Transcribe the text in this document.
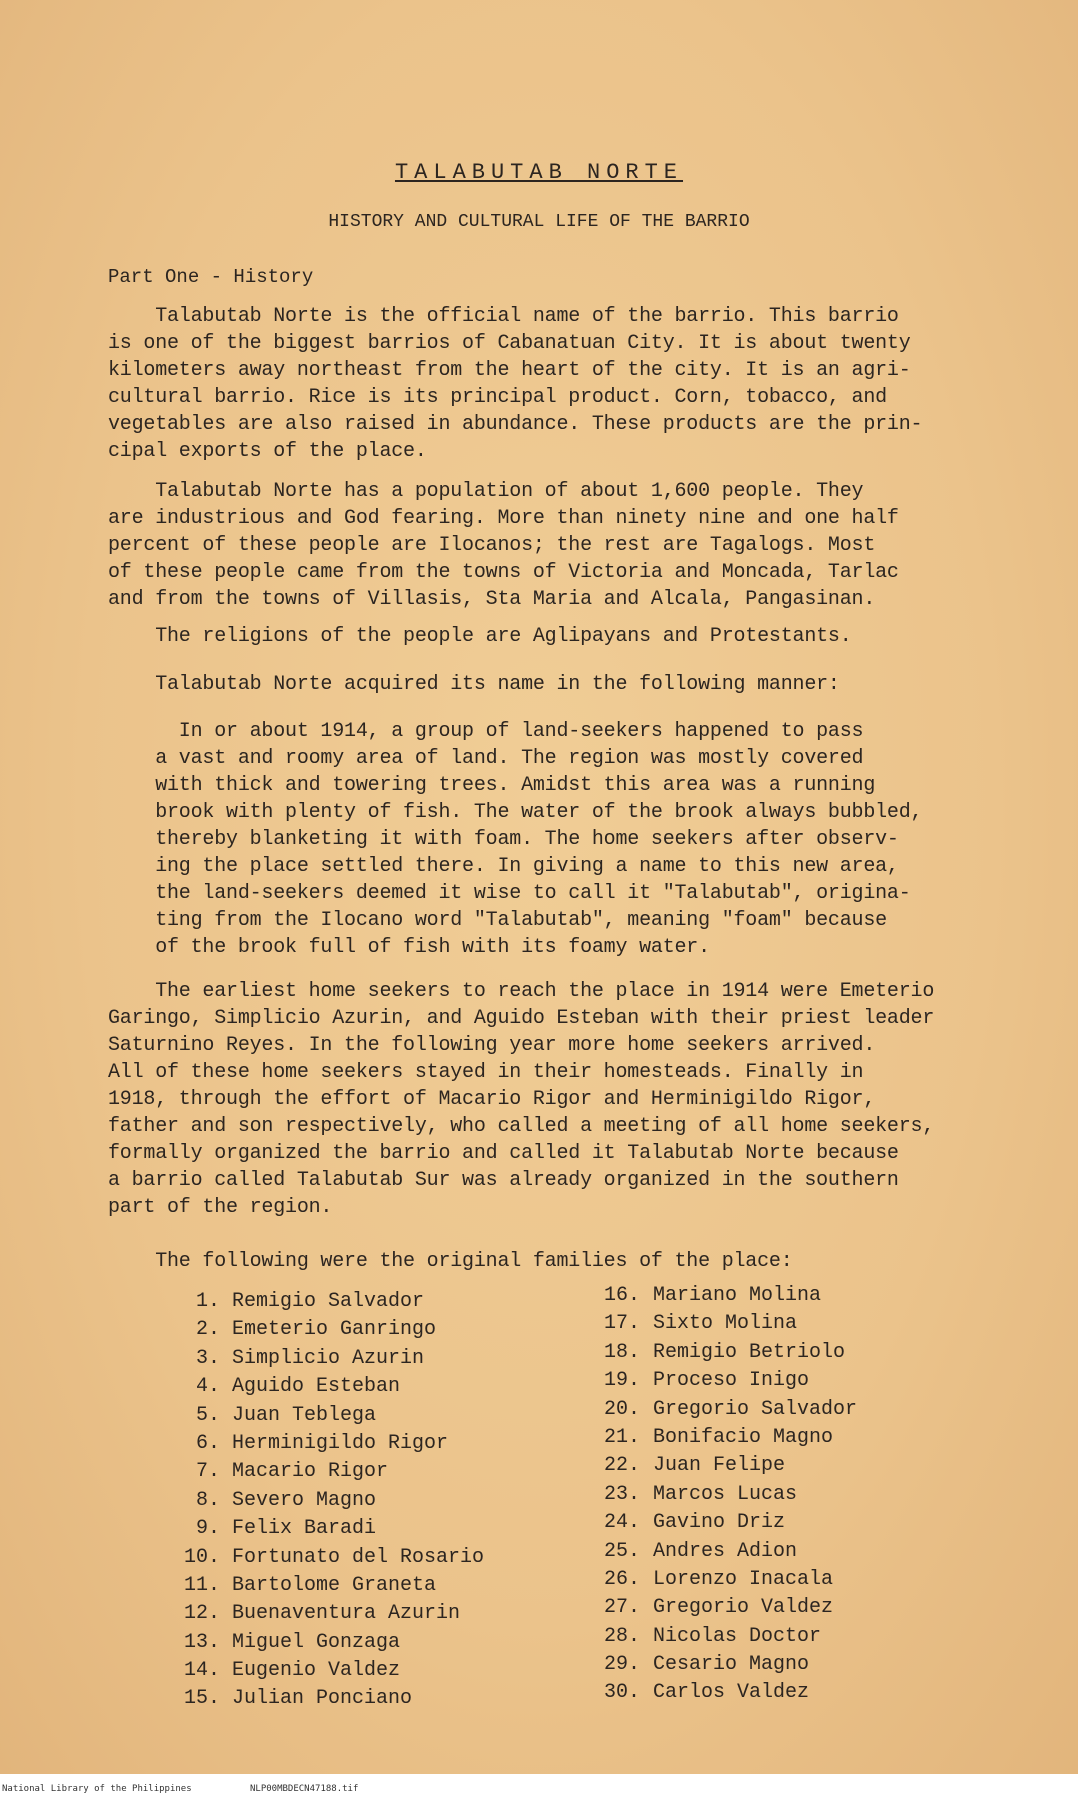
TALABUTAB NORTE
HISTORY AND CULTURAL LIFE OF THE BARRIO
Part One - History
Talabutab Norte is the official name of the barrio. This barrio
is one of the biggest barrios of Cabanatuan City. It is about twenty
kilometers away northeast from the heart of the city. It is an agri-
cultural barrio. Rice is its principal product. Corn, tobacco, and
vegetables are also raised in abundance. These products are the prin-
cipal exports of the place.
Talabutab Norte has a population of about 1,600 people. They
are industrious and God fearing. More than ninety nine and one half
percent of these people are Ilocanos; the rest are Tagalogs. Most
of these people came from the towns of Victoria and Moncada, Tarlac
and from the towns of Villasis, Sta Maria and Alcala, Pangasinan.
The religions of the people are Aglipayans and Protestants.
Talabutab Norte acquired its name in the following manner:
In or about 1914, a group of land-seekers happened to pass
a vast and roomy area of land. The region was mostly covered
with thick and towering trees. Amidst this area was a running
brook with plenty of fish. The water of the brook always bubbled,
thereby blanketing it with foam. The home seekers after observ-
ing the place settled there. In giving a name to this new area,
the land-seekers deemed it wise to call it "Talabutab", origina-
ting from the Ilocano word "Talabutab", meaning "foam" because
of the brook full of fish with its foamy water.
The earliest home seekers to reach the place in 1914 were Emeterio
Garingo, Simplicio Azurin, and Aguido Esteban with their priest leader
Saturnino Reyes. In the following year more home seekers arrived.
All of these home seekers stayed in their homesteads. Finally in
1918, through the effort of Macario Rigor and Herminigildo Rigor,
father and son respectively, who called a meeting of all home seekers,
formally organized the barrio and called it Talabutab Norte because
a barrio called Talabutab Sur was already organized in the southern
part of the region.
The following were the original families of the place:
1. Remigio Salvador
2. Emeterio Ganringo
3. Simplicio Azurin
4. Aguido Esteban
5. Juan Teblega
6. Herminigildo Rigor
7. Macario Rigor
8. Severo Magno
9. Felix Baradi
10. Fortunato del Rosario
11. Bartolome Graneta
12. Buenaventura Azurin
13. Miguel Gonzaga
14. Eugenio Valdez
15. Julian Ponciano
16. Mariano Molina
17. Sixto Molina
18. Remigio Betriolo
19. Proceso Inigo
20. Gregorio Salvador
21. Bonifacio Magno
22. Juan Felipe
23. Marcos Lucas
24. Gavino Driz
25. Andres Adion
26. Lorenzo Inacala
27. Gregorio Valdez
28. Nicolas Doctor
29. Cesario Magno
30. Carlos Valdez
National Library of the Philippines	NLP00MBDECN47188.tif
